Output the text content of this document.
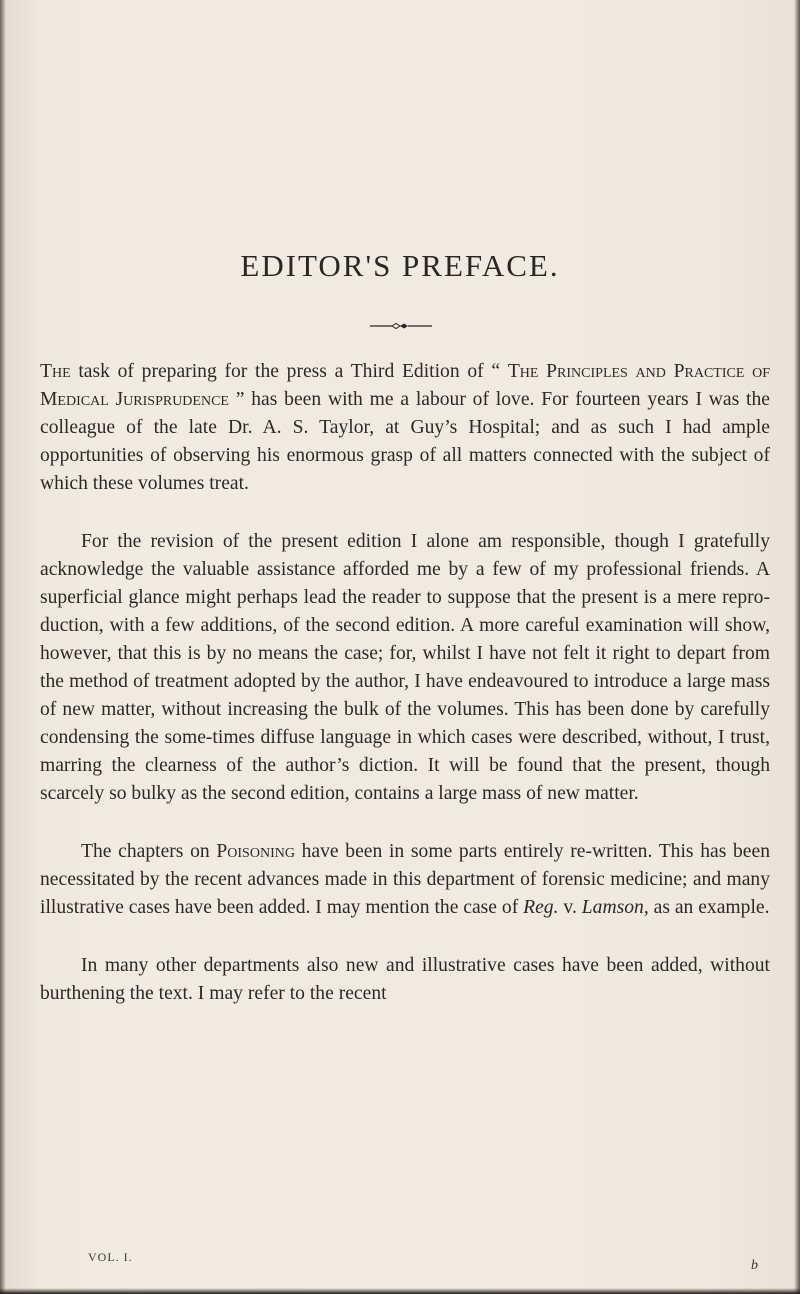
EDITOR'S PREFACE.

The task of preparing for the press a Third Edition of “ The Principles and Practice of Medical Jurisprudence ” has been with me a labour of love. For fourteen years I was the colleague of the late Dr. A. S. Taylor, at Guy’s Hospital; and as such I had ample opportunities of observing his enormous grasp of all matters connected with the subject of which these volumes treat.

For the revision of the present edition I alone am responsible, though I gratefully acknowledge the valuable assistance afforded me by a few of my professional friends. A superficial glance might perhaps lead the reader to suppose that the present is a mere repro-duction, with a few additions, of the second edition. A more careful examination will show, however, that this is by no means the case; for, whilst I have not felt it right to depart from the method of treatment adopted by the author, I have endeavoured to introduce a large mass of new matter, without increasing the bulk of the volumes. This has been done by carefully condensing the some-times diffuse language in which cases were described, without, I trust, marring the clearness of the author’s diction. It will be found that the present, though scarcely so bulky as the second edition, contains a large mass of new matter.

The chapters on Poisoning have been in some parts entirely re-written. This has been necessitated by the recent advances made in this department of forensic medicine; and many illustrative cases have been added. I may mention the case of Reg. v. Lamson, as an example.

In many other departments also new and illustrative cases have been added, without burthening the text. I may refer to the recent

VOL. I.
b
